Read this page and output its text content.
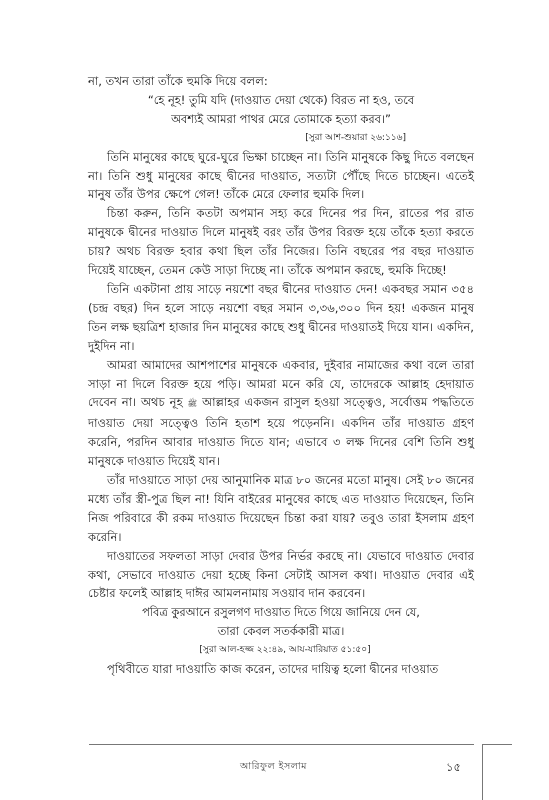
না, তখন তারা তাঁকে হুমকি দিয়ে বলল:

“হে নূহ! তুমি যদি (দাওয়াত দেয়া থেকে) বিরত না হও, তবে
অবশ্যই আমরা পাথর মেরে তোমাকে হত্যা করব।”
[সুরা আশ-শুয়ারা ২৬:১১৬]

তিনি মানুষের কাছে ঘুরে-ঘুরে ভিক্ষা চাচ্ছেন না। তিনি মানুষকে কিছু দিতে বলছেন না। তিনি শুধু মানুষের কাছে দ্বীনের দাওয়াত, সত্যটা পৌঁছে দিতে চাচ্ছেন। এতেই মানুষ তাঁর উপর ক্ষেপে গেল! তাঁকে মেরে ফেলার হুমকি দিল।

চিন্তা করুন, তিনি কতটা অপমান সহ্য করে দিনের পর দিন, রাতের পর রাত মানুষকে দ্বীনের দাওয়াত দিলে মানুষই বরং তাঁর উপর বিরক্ত হয়ে তাঁকে হত্যা করতে চায়? অথচ বিরক্ত হবার কথা ছিল তাঁর নিজের। তিনি বছরের পর বছর দাওয়াত দিয়েই যাচ্ছেন, তেমন কেউ সাড়া দিচ্ছে না। তাঁকে অপমান করছে, হুমকি দিচ্ছে!

তিনি একটানা প্রায় সাড়ে নয়শো বছর দ্বীনের দাওয়াত দেন! একবছর সমান ৩৫৪ (চন্দ্র বছর) দিন হলে সাড়ে নয়শো বছর সমান ৩,৩৬,৩০০ দিন হয়! একজন মানুষ তিন লক্ষ ছয়ত্রিশ হাজার দিন মানুষের কাছে শুধু দ্বীনের দাওয়াতই দিয়ে যান। একদিন, দুইদিন না।

আমরা আমাদের আশপাশের মানুষকে একবার, দুইবার নামাজের কথা বলে তারা সাড়া না দিলে বিরক্ত হয়ে পড়ি। আমরা মনে করি যে, তাদেরকে আল্লাহ হেদায়াত দেবেন না। অথচ নূহ ﷺ আল্লাহর একজন রাসুল হওয়া সত্ত্বেও, সর্বোত্তম পদ্ধতিতে দাওয়াত দেয়া সত্ত্বেও তিনি হতাশ হয়ে পড়েননি। একদিন তাঁর দাওয়াত গ্রহণ করেনি, পরদিন আবার দাওয়াত দিতে যান; এভাবে ৩ লক্ষ দিনের বেশি তিনি শুধু মানুষকে দাওয়াত দিয়েই যান।

তাঁর দাওয়াতে সাড়া দেয় আনুমানিক মাত্র ৮০ জনের মতো মানুষ। সেই ৮০ জনের মধ্যে তাঁর স্ত্রী-পুত্র ছিল না! যিনি বাইরের মানুষের কাছে এত দাওয়াত দিয়েছেন, তিনি নিজ পরিবারে কী রকম দাওয়াত দিয়েছেন চিন্তা করা যায়? তবুও তারা ইসলাম গ্রহণ করেনি।

দাওয়াতের সফলতা সাড়া দেবার উপর নির্ভর করছে না। যেভাবে দাওয়াত দেবার কথা, সেভাবে দাওয়াত দেয়া হচ্ছে কিনা সেটাই আসল কথা। দাওয়াত দেবার এই চেষ্টার ফলেই আল্লাহ দাঈর আমলনামায় সওয়াব দান করবেন।

পবিত্র কুরআনে রসুলগণ দাওয়াত দিতে গিয়ে জানিয়ে দেন যে,
তারা কেবল সতর্ককারী মাত্র।
[সুরা আল-হজ্জ ২২:৪৯, আয-যারিয়াত ৫১:৫০]

পৃথিবীতে যারা দাওয়াতি কাজ করেন, তাদের দায়িত্ব হলো দ্বীনের দাওয়াত

আরিফুল ইসলাম	১৫
